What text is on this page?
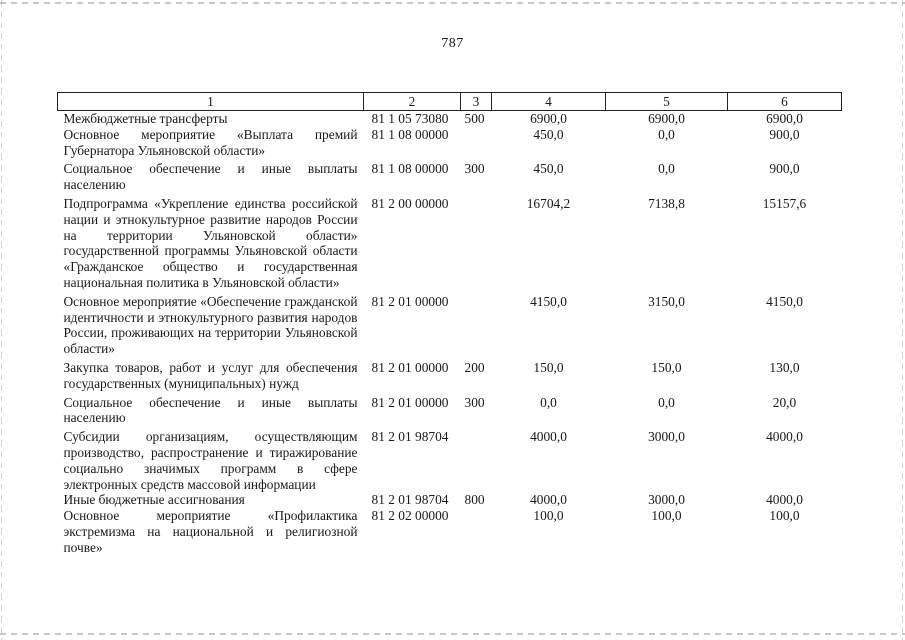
787
1	2	3	4	5	6
Межбюджетные трансферты	81 1 05 73080	500	6900,0	6900,0	6900,0
Основное мероприятие «Выплата премий Губернатора Ульяновской области»	81 1 08 00000		450,0	0,0	900,0
Социальное обеспечение и иные выплаты населению	81 1 08 00000	300	450,0	0,0	900,0
Подпрограмма «Укрепление единства российской нации и этнокультурное развитие народов России на территории Ульяновской области» государственной программы Ульяновской области «Гражданское общество и государственная национальная политика в Ульяновской области»	81 2 00 00000		16704,2	7138,8	15157,6
Основное мероприятие «Обеспечение гражданской идентичности и этнокультурного развития народов России, проживающих на территории Ульяновской области»	81 2 01 00000		4150,0	3150,0	4150,0
Закупка товаров, работ и услуг для обеспечения государственных (муниципальных) нужд	81 2 01 00000	200	150,0	150,0	130,0
Социальное обеспечение и иные выплаты населению	81 2 01 00000	300	0,0	0,0	20,0
Субсидии организациям, осуществляющим производство, распространение и тиражирование социально значимых программ в сфере электронных средств массовой информации	81 2 01 98704		4000,0	3000,0	4000,0
Иные бюджетные ассигнования	81 2 01 98704	800	4000,0	3000,0	4000,0
Основное мероприятие «Профилактика экстремизма на национальной и религиозной почве»	81 2 02 00000		100,0	100,0	100,0
